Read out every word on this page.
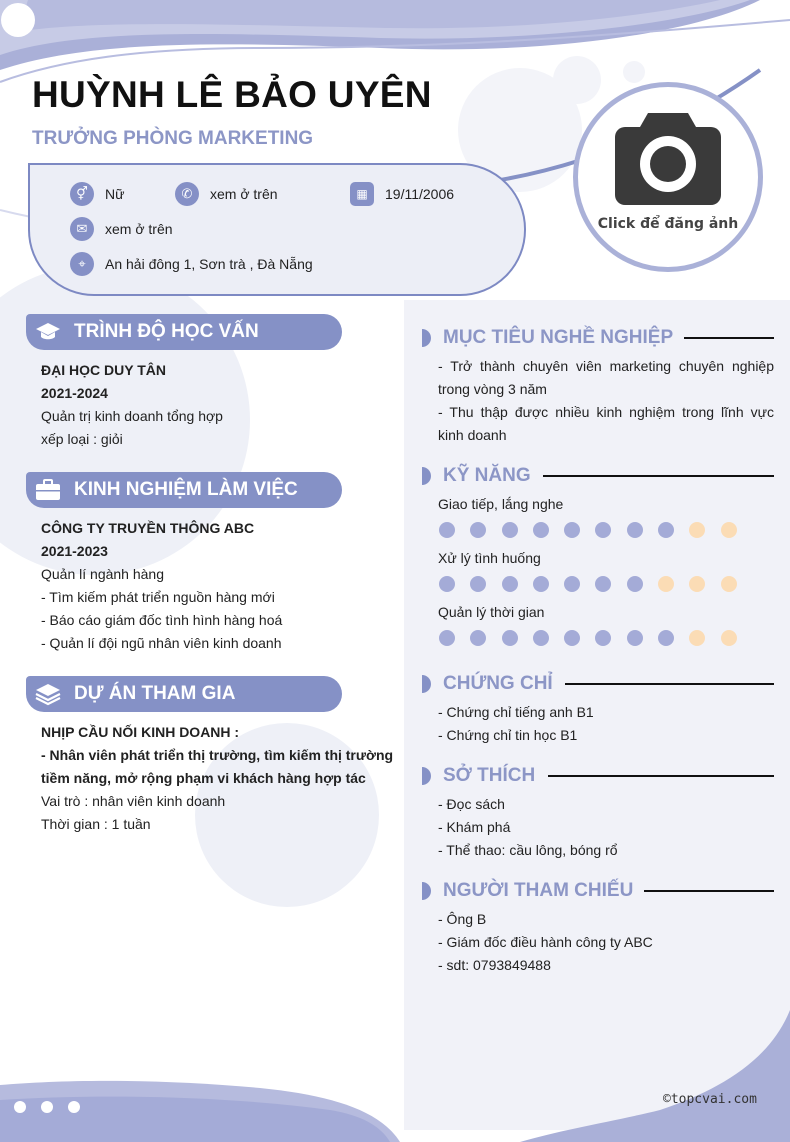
HUỲNH LÊ BẢO UYÊN
TRƯỞNG PHÒNG MARKETING
⚥	Nữ	✆	xem ở trên	▦	19/11/2006
✉	xem ở trên
⌖	An hải đông 1, Sơn trà , Đà Nẵng
Click để đăng ảnh
TRÌNH ĐỘ HỌC VẤN
ĐẠI HỌC DUY TÂN
2021-2024
Quản trị kinh doanh tổng hợp
xếp loại : giỏi
KINH NGHIỆM LÀM VIỆC
CÔNG TY TRUYỀN THÔNG ABC
2021-2023
Quản lí ngành hàng
- Tìm kiếm phát triển nguồn hàng mới
- Báo cáo giám đốc tình hình hàng hoá
- Quản lí đội ngũ nhân viên kinh doanh
DỰ ÁN THAM GIA
NHỊP CẦU NỐI KINH DOANH :
- Nhân viên phát triển thị trường, tìm kiếm thị trường
tiềm năng, mở rộng phạm vi khách hàng hợp tác
Vai trò : nhân viên kinh doanh
Thời gian : 1 tuần
MỤC TIÊU NGHỀ NGHIỆP
- Trở thành chuyên viên marketing chuyên nghiệp trong vòng 3 năm
- Thu thập được nhiều kinh nghiệm trong lĩnh vực kinh doanh
KỸ NĂNG
Giao tiếp, lắng nghe
Xử lý tình huống
Quản lý thời gian
CHỨNG CHỈ
- Chứng chỉ tiếng anh B1
- Chứng chỉ tin học B1
SỞ THÍCH
- Đọc sách
- Khám phá
- Thể thao: cầu lông, bóng rổ
NGƯỜI THAM CHIẾU
- Ông B
- Giám đốc điều hành công ty ABC
- sdt: 0793849488
©topcvai.com
